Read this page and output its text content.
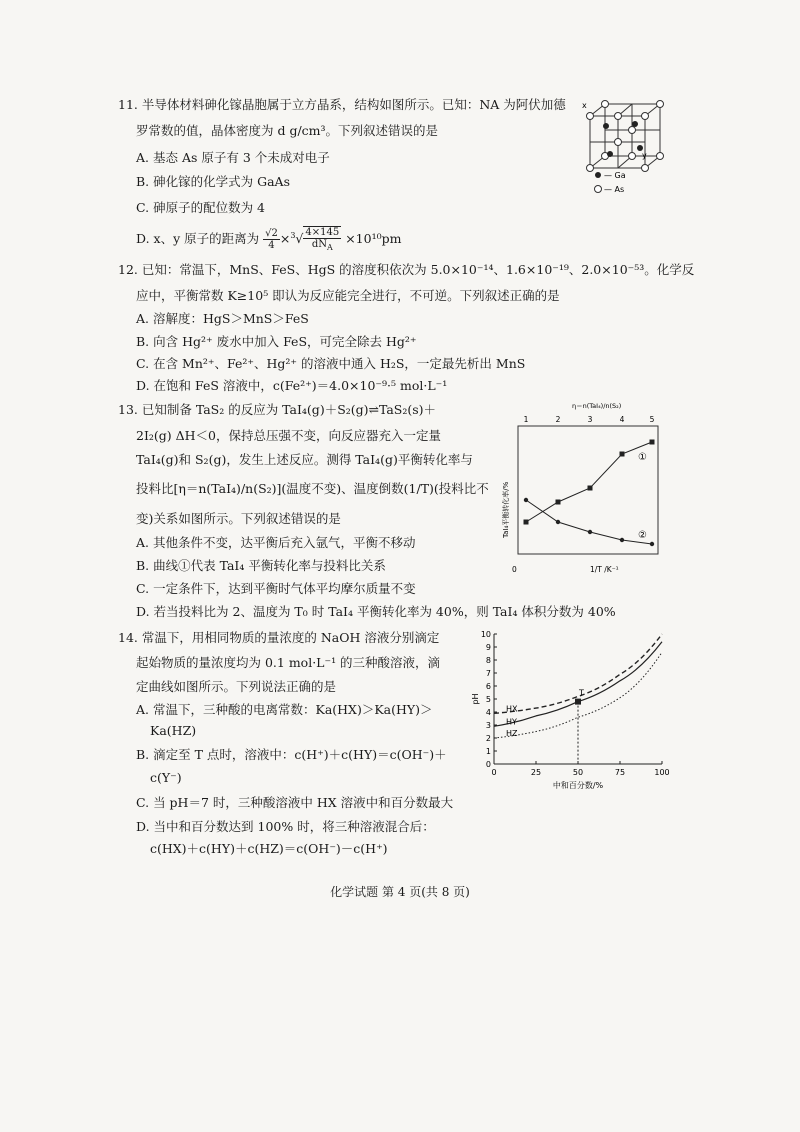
11. 半导体材料砷化镓晶胞属于立方晶系，结构如图所示。已知：NA 为阿伏加德
罗常数的值，晶体密度为 d g/cm³。下列叙述错误的是
A. 基态 As 原子有 3 个未成对电子
B. 砷化镓的化学式为 GaAs
C. 砷原子的配位数为 4
D. x、y 原子的距离为 $\frac{√2}{4} \times^3√ \frac{4\times 145}{dN_A} \times 10^{10}pm$
x
y
— Ga
— As
12. 已知：常温下，MnS、FeS、HgS 的溶度积依次为 5.0×10⁻¹⁴、1.6×10⁻¹⁹、2.0×10⁻⁵³。化学反
应中，平衡常数 K≥10⁵ 即认为反应能完全进行，不可逆。下列叙述正确的是
A. 溶解度：HgS＞MnS＞FeS
B. 向含 Hg²⁺ 废水中加入 FeS，可完全除去 Hg²⁺
C. 在含 Mn²⁺、Fe²⁺、Hg²⁺ 的溶液中通入 H₂S，一定最先析出 MnS
D. 在饱和 FeS 溶液中，c(Fe²⁺)＝4.0×10⁻⁹·⁵ mol·L⁻¹
13. 已知制备 TaS₂ 的反应为 TaI₄(g)＋S₂(g)⇌TaS₂(s)＋
2I₂(g) ΔH＜0，保持总压强不变，向反应器充入一定量
TaI₄(g)和 S₂(g)，发生上述反应。测得 TaI₄(g)平衡转化率与
投料比[η＝n(TaI₄)/n(S₂)](温度不变)、温度倒数(1/T)(投料比不
变)关系如图所示。下列叙述错误的是
A. 其他条件不变，达平衡后充入氩气，平衡不移动
B. 曲线①代表 TaI₄ 平衡转化率与投料比关系
C. 一定条件下，达到平衡时气体平均摩尔质量不变
D. 若当投料比为 2、温度为 T₀ 时 TaI₄ 平衡转化率为 40%，则 TaI₄ 体积分数为 40%
η＝n(TaI₄)/n(S₂)
1	2	3	4	5
①
②
0	1/T /K⁻¹
TaI₄平衡转化率/%
14. 常温下，用相同物质的量浓度的 NaOH 溶液分别滴定
起始物质的量浓度均为 0.1 mol·L⁻¹ 的三种酸溶液，滴
定曲线如图所示。下列说法正确的是
A. 常温下，三种酸的电离常数：Ka(HX)＞Ka(HY)＞
Ka(HZ)
B. 滴定至 T 点时，溶液中：c(H⁺)＋c(HY)＝c(OH⁻)＋
c(Y⁻)
C. 当 pH＝7 时，三种酸溶液中 HX 溶液中和百分数最大
D. 当中和百分数达到 100% 时，将三种溶液混合后：
c(HX)＋c(HY)＋c(HZ)＝c(OH⁻)－c(H⁺)
0
1
2
3
4
5
6
7
8
9
10
0	25	50	75	100
HX
HY
HZ
T
中和百分数/%
pH
化学试题 第 4 页(共 8 页)
